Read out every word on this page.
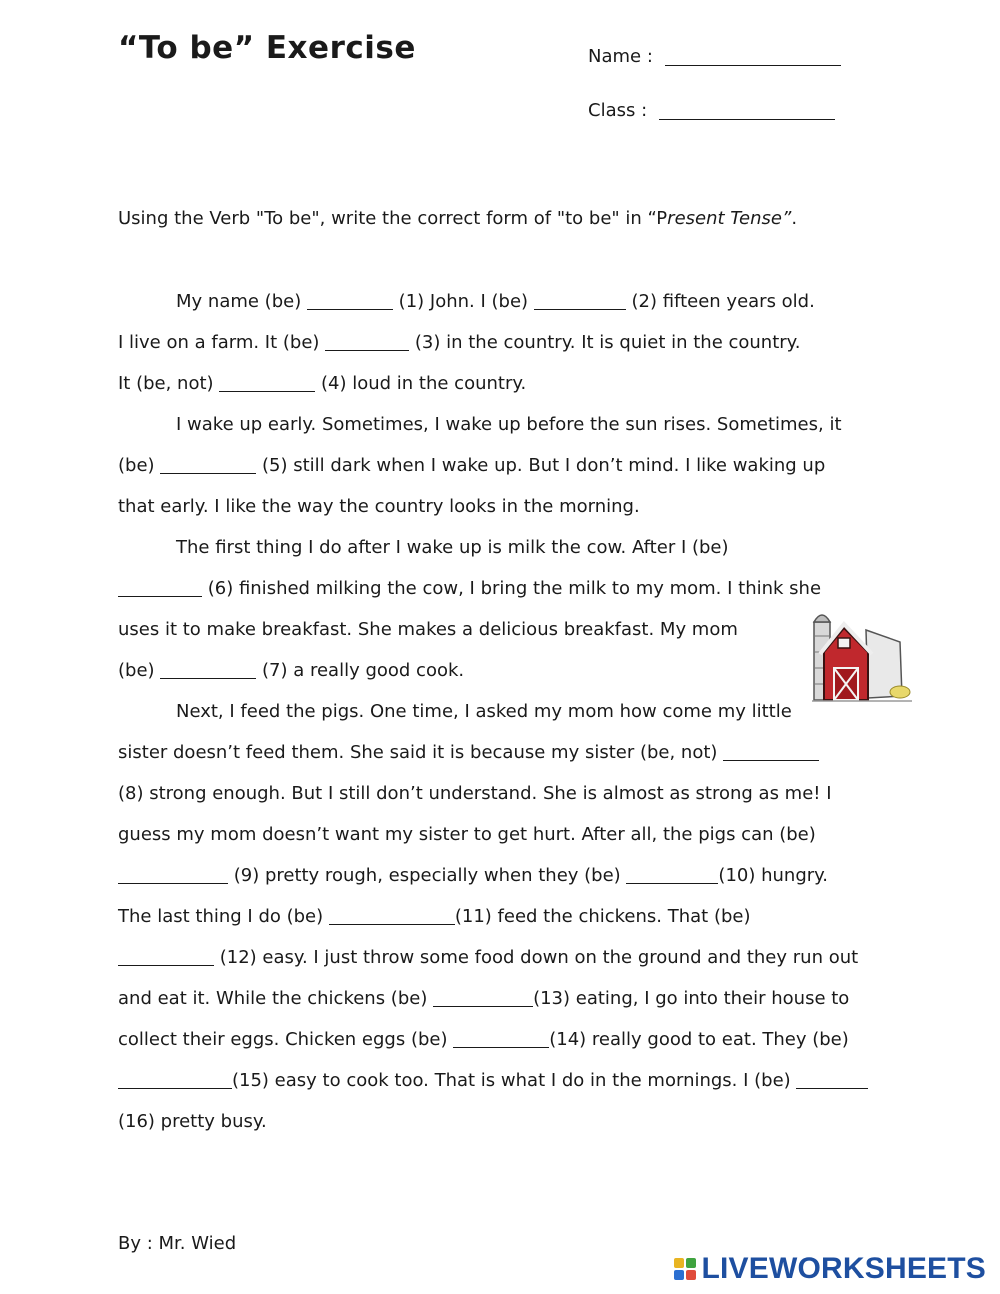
“To be” Exercise	Name :
Class :
Using the Verb "To be", write the correct form of "to be" in “Present Tense”.
My name (be)	(1) John. I (be)	(2) fifteen years old.
I live on a farm. It (be)	(3) in the country. It is quiet in the country.
It (be, not)	(4) loud in the country.
I wake up early. Sometimes, I wake up before the sun rises. Sometimes, it
(be)	(5) still dark when I wake up. But I don’t mind. I like waking up
that early. I like the way the country looks in the morning.
The first thing I do after I wake up is milk the cow. After I (be)
(6) finished milking the cow, I bring the milk to my mom. I think she
uses it to make breakfast. She makes a delicious breakfast. My mom
(be)	(7) a really good cook.
Next, I feed the pigs. One time, I asked my mom how come my little
sister doesn’t feed them. She said it is because my sister (be, not)
(8) strong enough. But I still don’t understand. She is almost as strong as me! I
guess my mom doesn’t want my sister to get hurt. After all, the pigs can (be)
(9) pretty rough, especially when they (be)	(10) hungry.
The last thing I do (be)	(11) feed the chickens. That (be)
(12) easy. I just throw some food down on the ground and they run out
and eat it. While the chickens (be)	(13) eating, I go into their house to
collect their eggs. Chicken eggs (be)	(14) really good to eat. They (be)
(15) easy to cook too. That is what I do in the mornings. I (be)
(16) pretty busy.
By : Mr. Wied
LIVEWORKSHEETS
